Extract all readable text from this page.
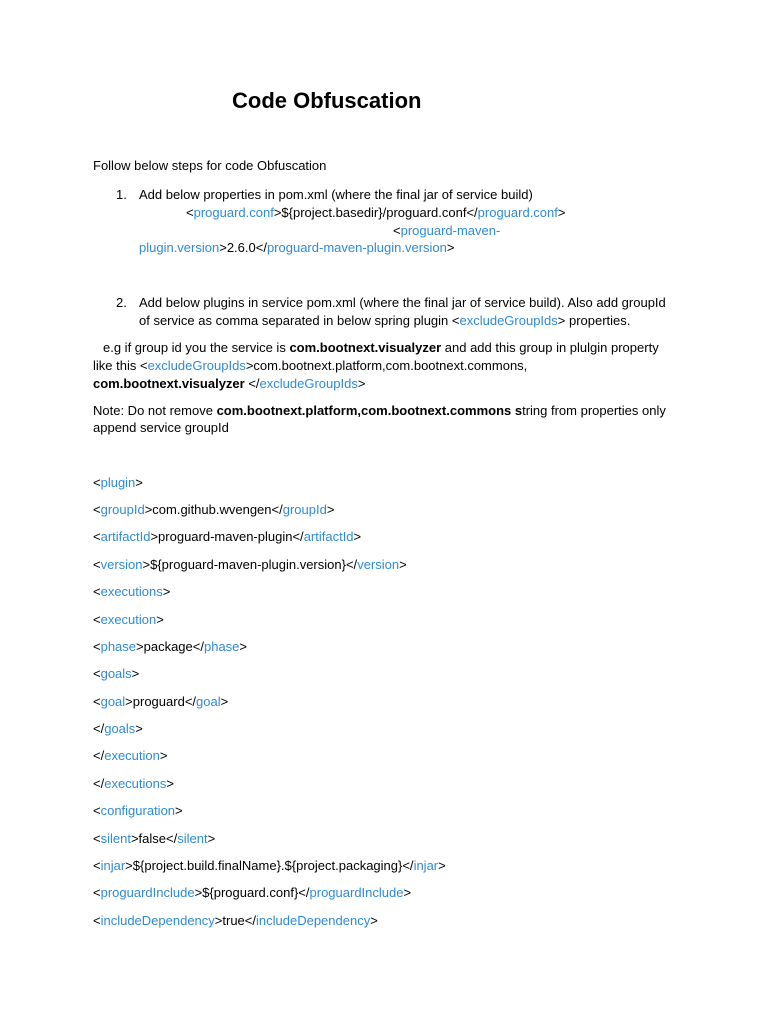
Code Obfuscation
Follow below steps for code Obfuscation
1. Add below properties in pom.xml (where the final jar of service build)
<proguard.conf>${project.basedir}/proguard.conf</proguard.conf>
<proguard-maven-
plugin.version>2.6.0</proguard-maven-plugin.version>
2. Add below plugins in service pom.xml (where the final jar of service build). Also add groupId
of service as comma separated in below spring plugin <excludeGroupIds> properties.
e.g if group id you the service is com.bootnext.visualyzer and add this group in plulgin property
like this <excludeGroupIds>com.bootnext.platform,com.bootnext.commons,
com.bootnext.visualyzer </excludeGroupIds>
Note: Do not remove com.bootnext.platform,com.bootnext.commons string from properties only
append service groupId
<plugin>
<groupId>com.github.wvengen</groupId>
<artifactId>proguard-maven-plugin</artifactId>
<version>${proguard-maven-plugin.version}</version>
<executions>
<execution>
<phase>package</phase>
<goals>
<goal>proguard</goal>
</goals>
</execution>
</executions>
<configuration>
<silent>false</silent>
<injar>${project.build.finalName}.${project.packaging}</injar>
<proguardInclude>${proguard.conf}</proguardInclude>
<includeDependency>true</includeDependency>
